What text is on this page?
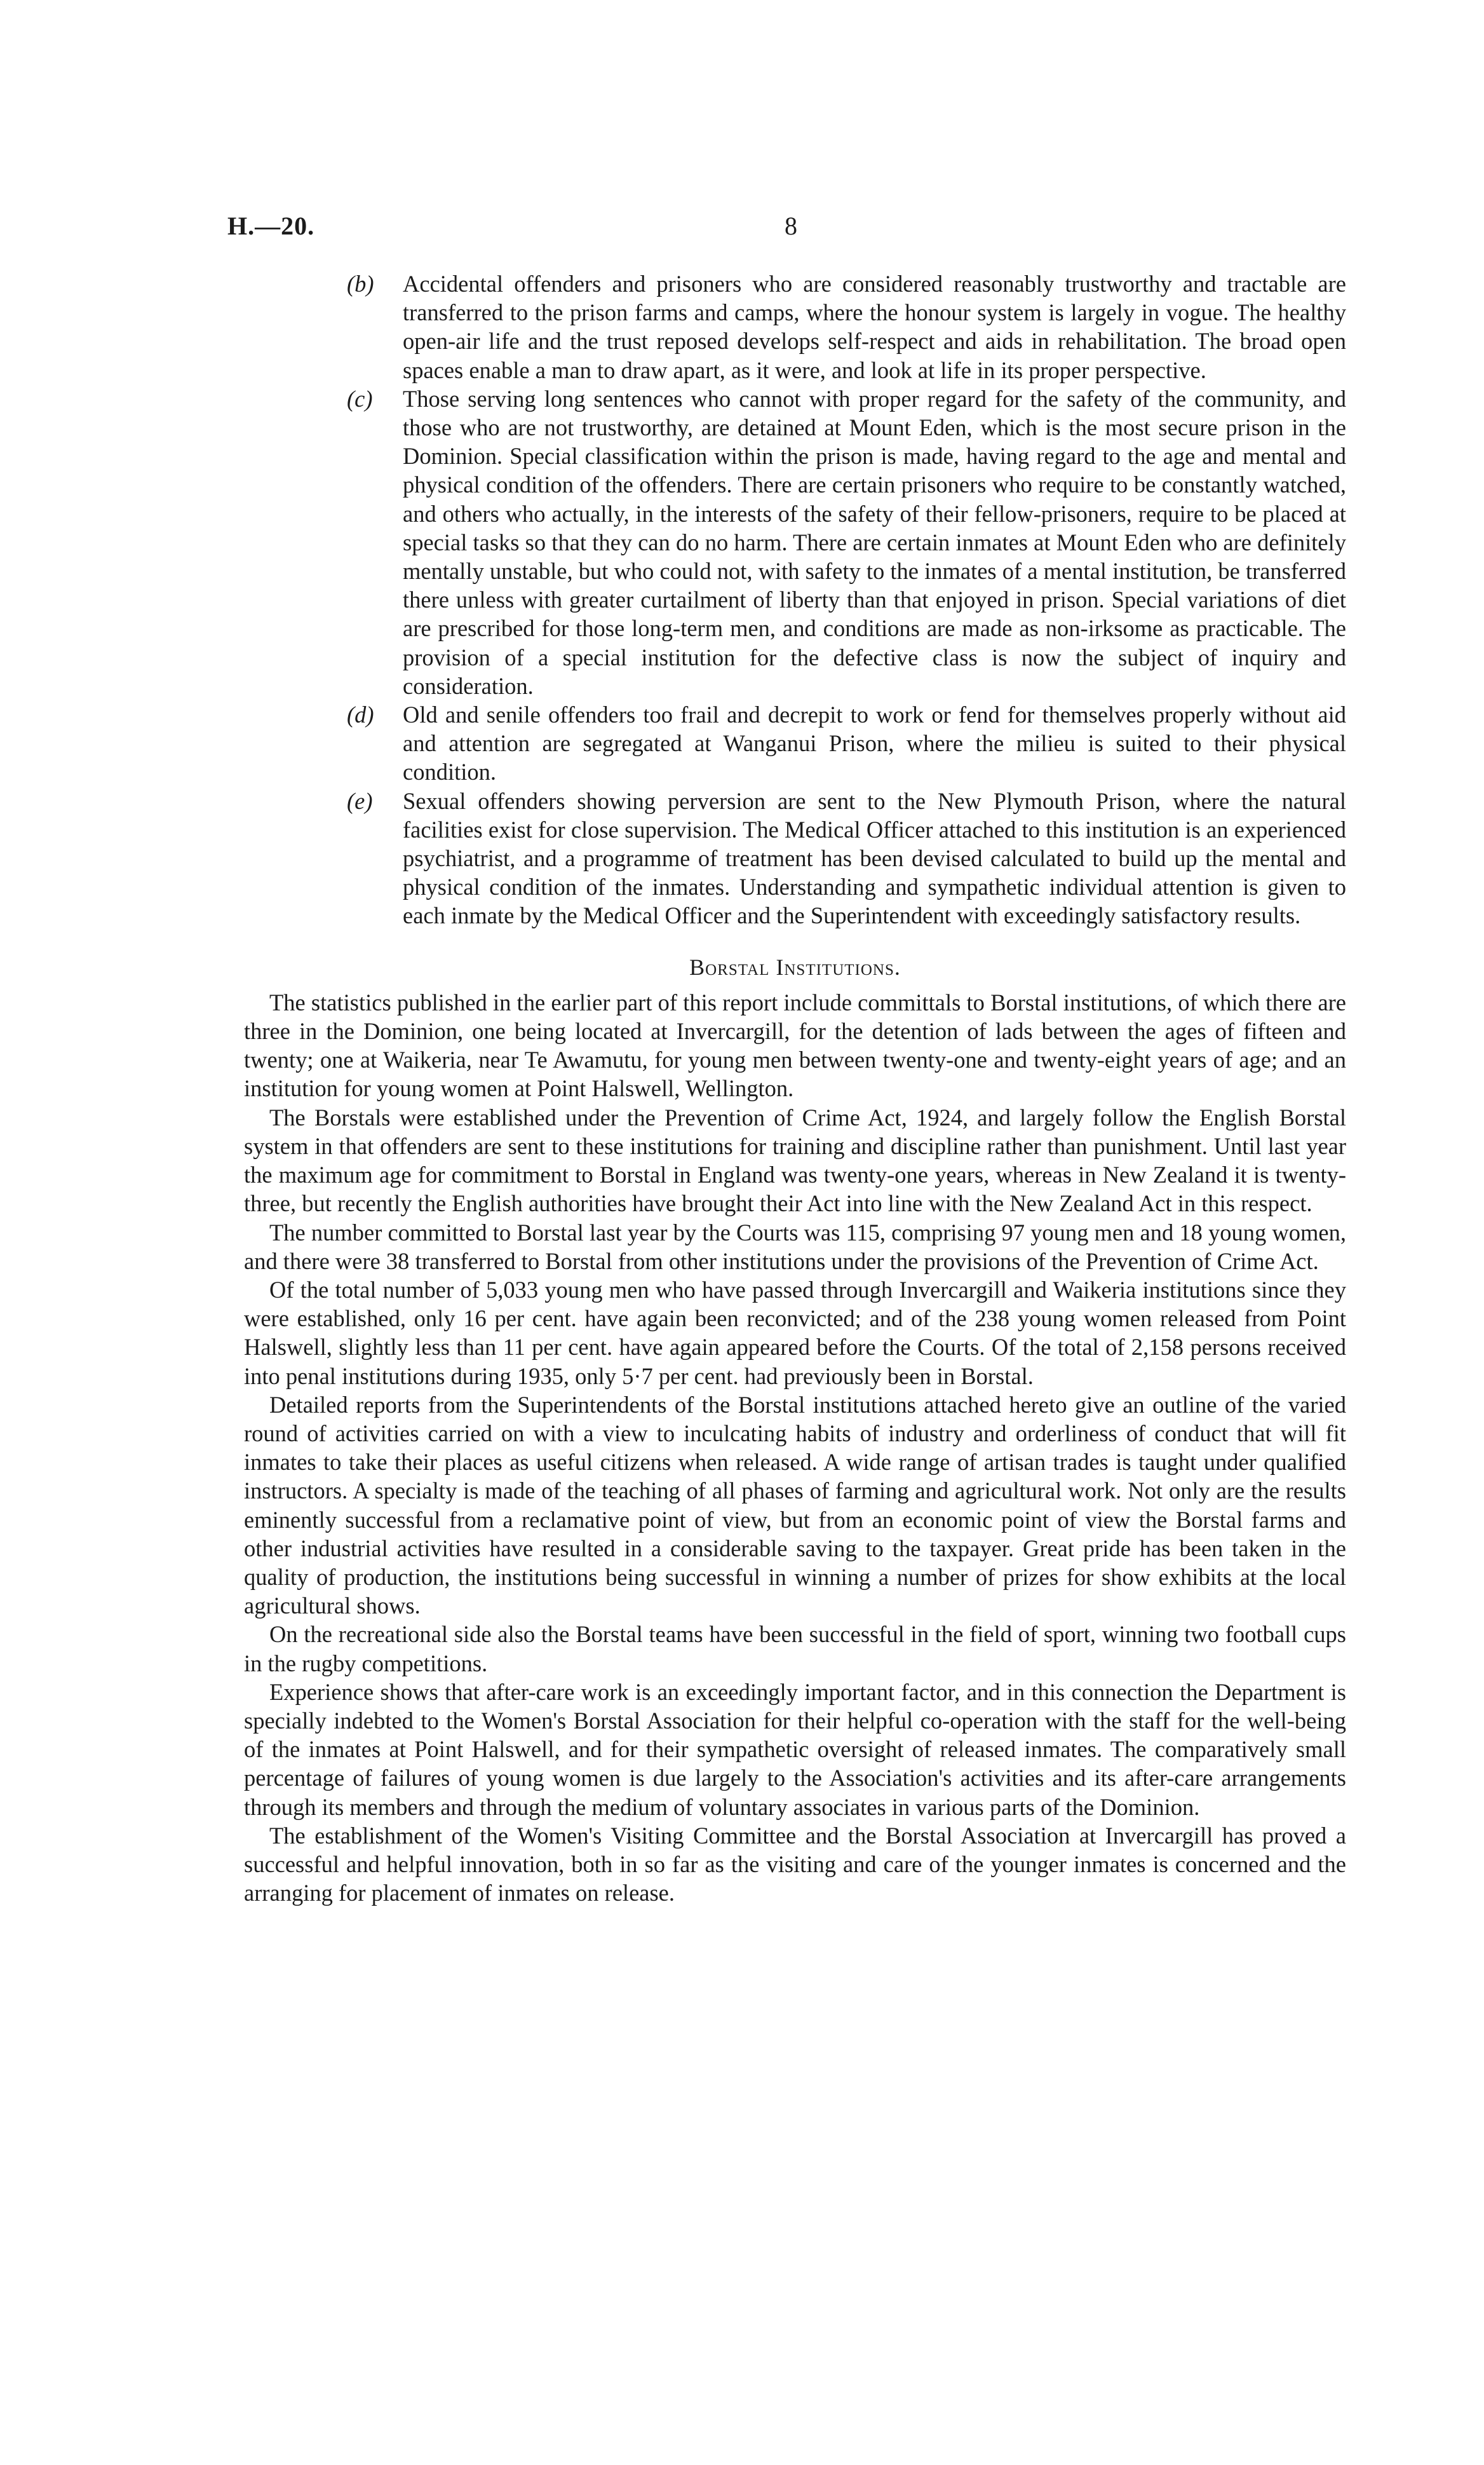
H.—20.	8
(b)	Accidental offenders and prisoners who are considered reasonably trustworthy and tractable are transferred to the prison farms and camps, where the honour system is largely in vogue. The healthy open-air life and the trust reposed develops self-respect and aids in rehabilitation. The broad open spaces enable a man to draw apart, as it were, and look at life in its proper perspective.
(c)	Those serving long sentences who cannot with proper regard for the safety of the community, and those who are not trustworthy, are detained at Mount Eden, which is the most secure prison in the Dominion. Special classification within the prison is made, having regard to the age and mental and physical condition of the offenders. There are certain prisoners who require to be constantly watched, and others who actually, in the interests of the safety of their fellow-prisoners, require to be placed at special tasks so that they can do no harm. There are certain inmates at Mount Eden who are definitely mentally unstable, but who could not, with safety to the inmates of a mental institution, be transferred there unless with greater curtailment of liberty than that enjoyed in prison. Special variations of diet are prescribed for those long-term men, and conditions are made as non-irksome as practicable. The provision of a special institution for the defective class is now the subject of inquiry and consideration.
(d)	Old and senile offenders too frail and decrepit to work or fend for themselves properly without aid and attention are segregated at Wanganui Prison, where the milieu is suited to their physical condition.
(e)	Sexual offenders showing perversion are sent to the New Plymouth Prison, where the natural facilities exist for close supervision. The Medical Officer attached to this institution is an experienced psychiatrist, and a programme of treatment has been devised calculated to build up the mental and physical condition of the inmates. Understanding and sympathetic individual attention is given to each inmate by the Medical Officer and the Superintendent with exceedingly satisfactory results.
Borstal Institutions.

The statistics published in the earlier part of this report include committals to Borstal institutions, of which there are three in the Dominion, one being located at Invercargill, for the detention of lads between the ages of fifteen and twenty; one at Waikeria, near Te Awamutu, for young men between twenty-one and twenty-eight years of age; and an institution for young women at Point Halswell, Wellington.

The Borstals were established under the Prevention of Crime Act, 1924, and largely follow the English Borstal system in that offenders are sent to these institutions for training and discipline rather than punishment. Until last year the maximum age for commitment to Borstal in England was twenty-one years, whereas in New Zealand it is twenty-three, but recently the English authorities have brought their Act into line with the New Zealand Act in this respect.

The number committed to Borstal last year by the Courts was 115, comprising 97 young men and 18 young women, and there were 38 transferred to Borstal from other institutions under the provisions of the Prevention of Crime Act.

Of the total number of 5,033 young men who have passed through Invercargill and Waikeria institutions since they were established, only 16 per cent. have again been reconvicted; and of the 238 young women released from Point Halswell, slightly less than 11 per cent. have again appeared before the Courts. Of the total of 2,158 persons received into penal institutions during 1935, only 5·7 per cent. had previously been in Borstal.

Detailed reports from the Superintendents of the Borstal institutions attached hereto give an outline of the varied round of activities carried on with a view to inculcating habits of industry and orderliness of conduct that will fit inmates to take their places as useful citizens when released. A wide range of artisan trades is taught under qualified instructors. A specialty is made of the teaching of all phases of farming and agricultural work. Not only are the results eminently successful from a reclamative point of view, but from an economic point of view the Borstal farms and other industrial activities have resulted in a considerable saving to the taxpayer. Great pride has been taken in the quality of production, the institutions being successful in winning a number of prizes for show exhibits at the local agricultural shows.

On the recreational side also the Borstal teams have been successful in the field of sport, winning two football cups in the rugby competitions.

Experience shows that after-care work is an exceedingly important factor, and in this connection the Department is specially indebted to the Women's Borstal Association for their helpful co-operation with the staff for the well-being of the inmates at Point Halswell, and for their sympathetic oversight of released inmates. The comparatively small percentage of failures of young women is due largely to the Association's activities and its after-care arrangements through its members and through the medium of voluntary associates in various parts of the Dominion.

The establishment of the Women's Visiting Committee and the Borstal Association at Invercargill has proved a successful and helpful innovation, both in so far as the visiting and care of the younger inmates is concerned and the arranging for placement of inmates on release.
